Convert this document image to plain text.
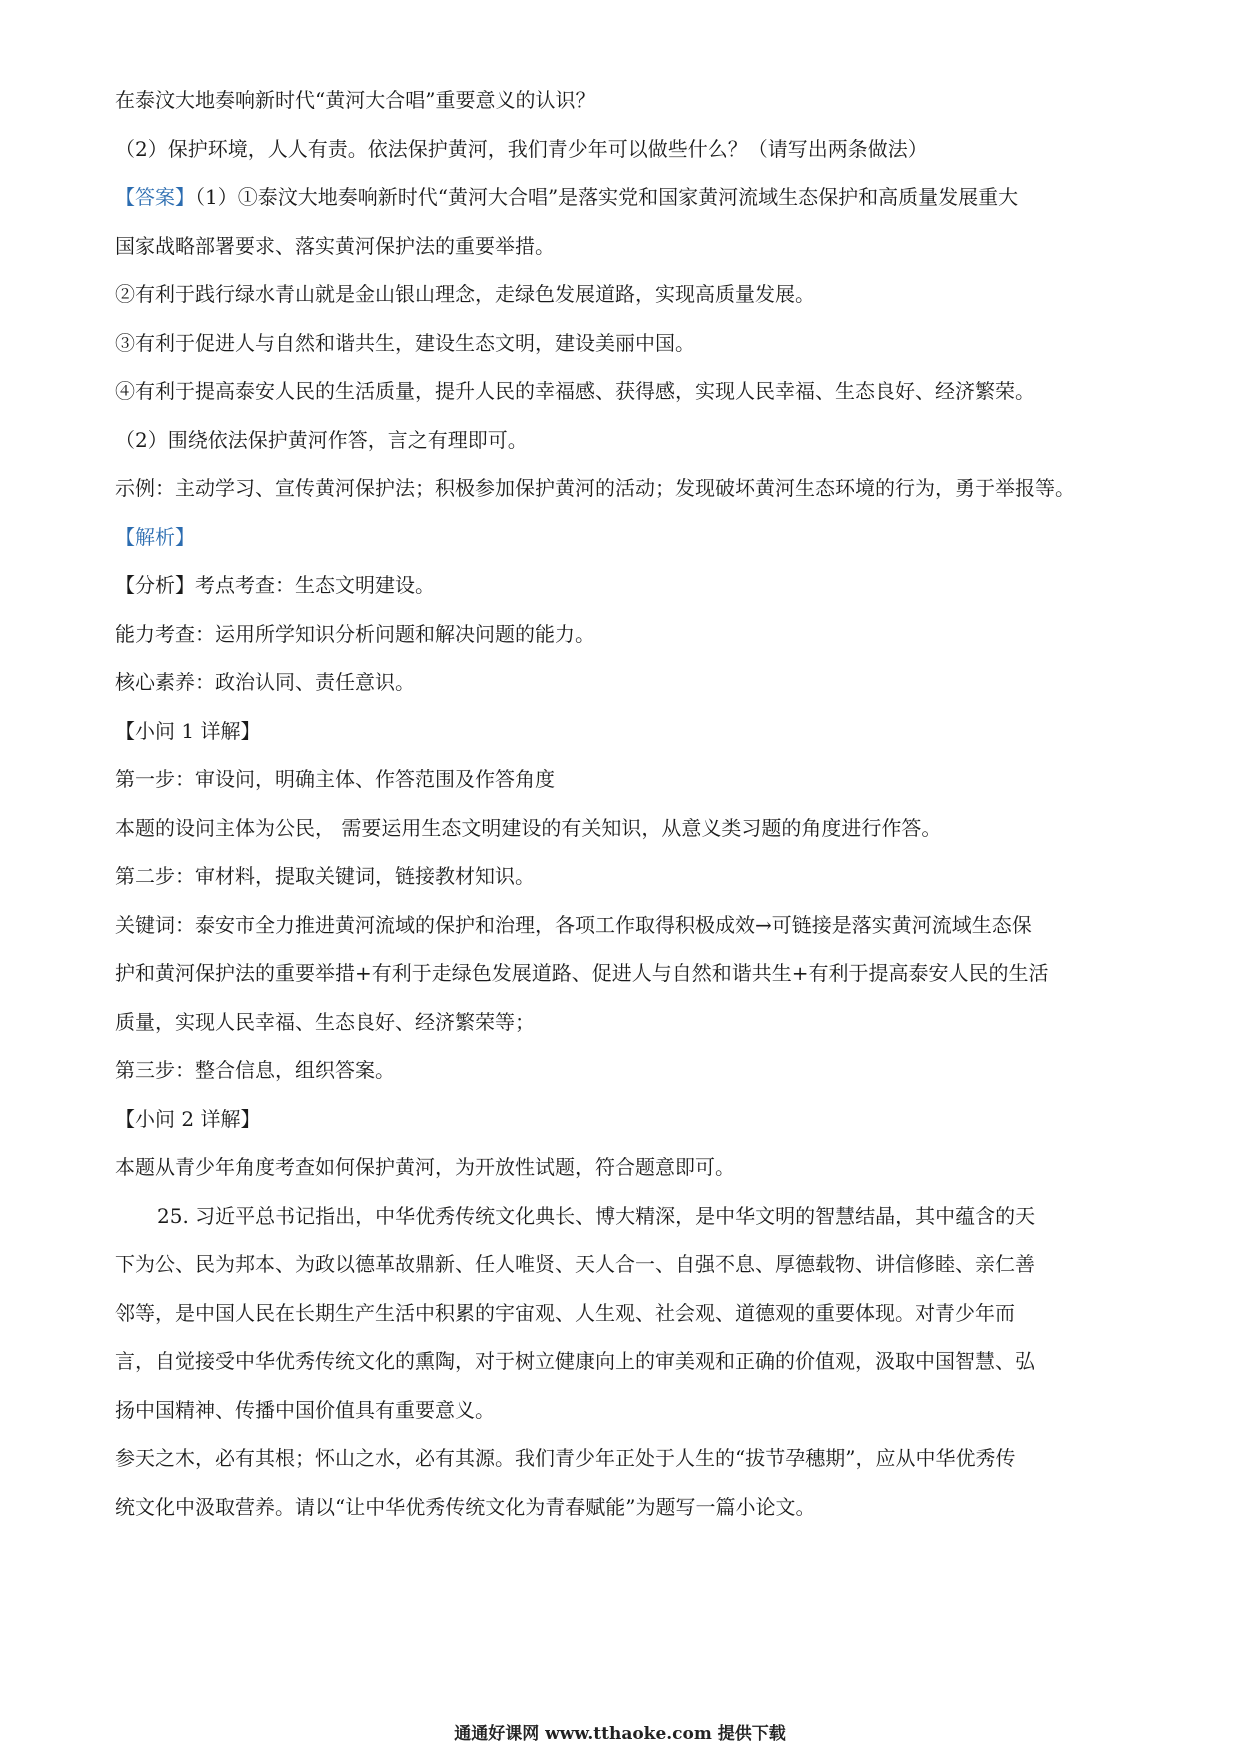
在泰汶大地奏响新时代“黄河大合唱”重要意义的认识？
（2）保护环境，人人有责。依法保护黄河，我们青少年可以做些什么？（请写出两条做法）
【答案】（1）①泰汶大地奏响新时代“黄河大合唱”是落实党和国家黄河流域生态保护和高质量发展重大
国家战略部署要求、落实黄河保护法的重要举措。
②有利于践行绿水青山就是金山银山理念，走绿色发展道路，实现高质量发展。
③有利于促进人与自然和谐共生，建设生态文明，建设美丽中国。
④有利于提高泰安人民的生活质量，提升人民的幸福感、获得感，实现人民幸福、生态良好、经济繁荣。
（2）围绕依法保护黄河作答，言之有理即可。
示例：主动学习、宣传黄河保护法；积极参加保护黄河的活动；发现破坏黄河生态环境的行为，勇于举报等。
【解析】
【分析】考点考查：生态文明建设。
能力考查：运用所学知识分析问题和解决问题的能力。
核心素养：政治认同、责任意识。
【小问 1 详解】
第一步：审设问，明确主体、作答范围及作答角度
本题的设问主体为公民， 需要运用生态文明建设的有关知识，从意义类习题的角度进行作答。
第二步：审材料，提取关键词，链接教材知识。
关键词：泰安市全力推进黄河流域的保护和治理，各项工作取得积极成效→可链接是落实黄河流域生态保
护和黄河保护法的重要举措+有利于走绿色发展道路、促进人与自然和谐共生+有利于提高泰安人民的生活
质量，实现人民幸福、生态良好、经济繁荣等；
第三步：整合信息，组织答案。
【小问 2 详解】
本题从青少年角度考查如何保护黄河，为开放性试题，符合题意即可。
25. 习近平总书记指出，中华优秀传统文化典长、博大精深，是中华文明的智慧结晶，其中蕴含的天
下为公、民为邦本、为政以德革故鼎新、任人唯贤、天人合一、自强不息、厚德载物、讲信修睦、亲仁善
邻等，是中国人民在长期生产生活中积累的宇宙观、人生观、社会观、道德观的重要体现。对青少年而
言，自觉接受中华优秀传统文化的熏陶，对于树立健康向上的审美观和正确的价值观，汲取中国智慧、弘
扬中国精神、传播中国价值具有重要意义。
参天之木，必有其根；怀山之水，必有其源。我们青少年正处于人生的“拔节孕穗期”，应从中华优秀传
统文化中汲取营养。请以“让中华优秀传统文化为青春赋能”为题写一篇小论文。
通通好课网 www.tthaoke.com 提供下载
